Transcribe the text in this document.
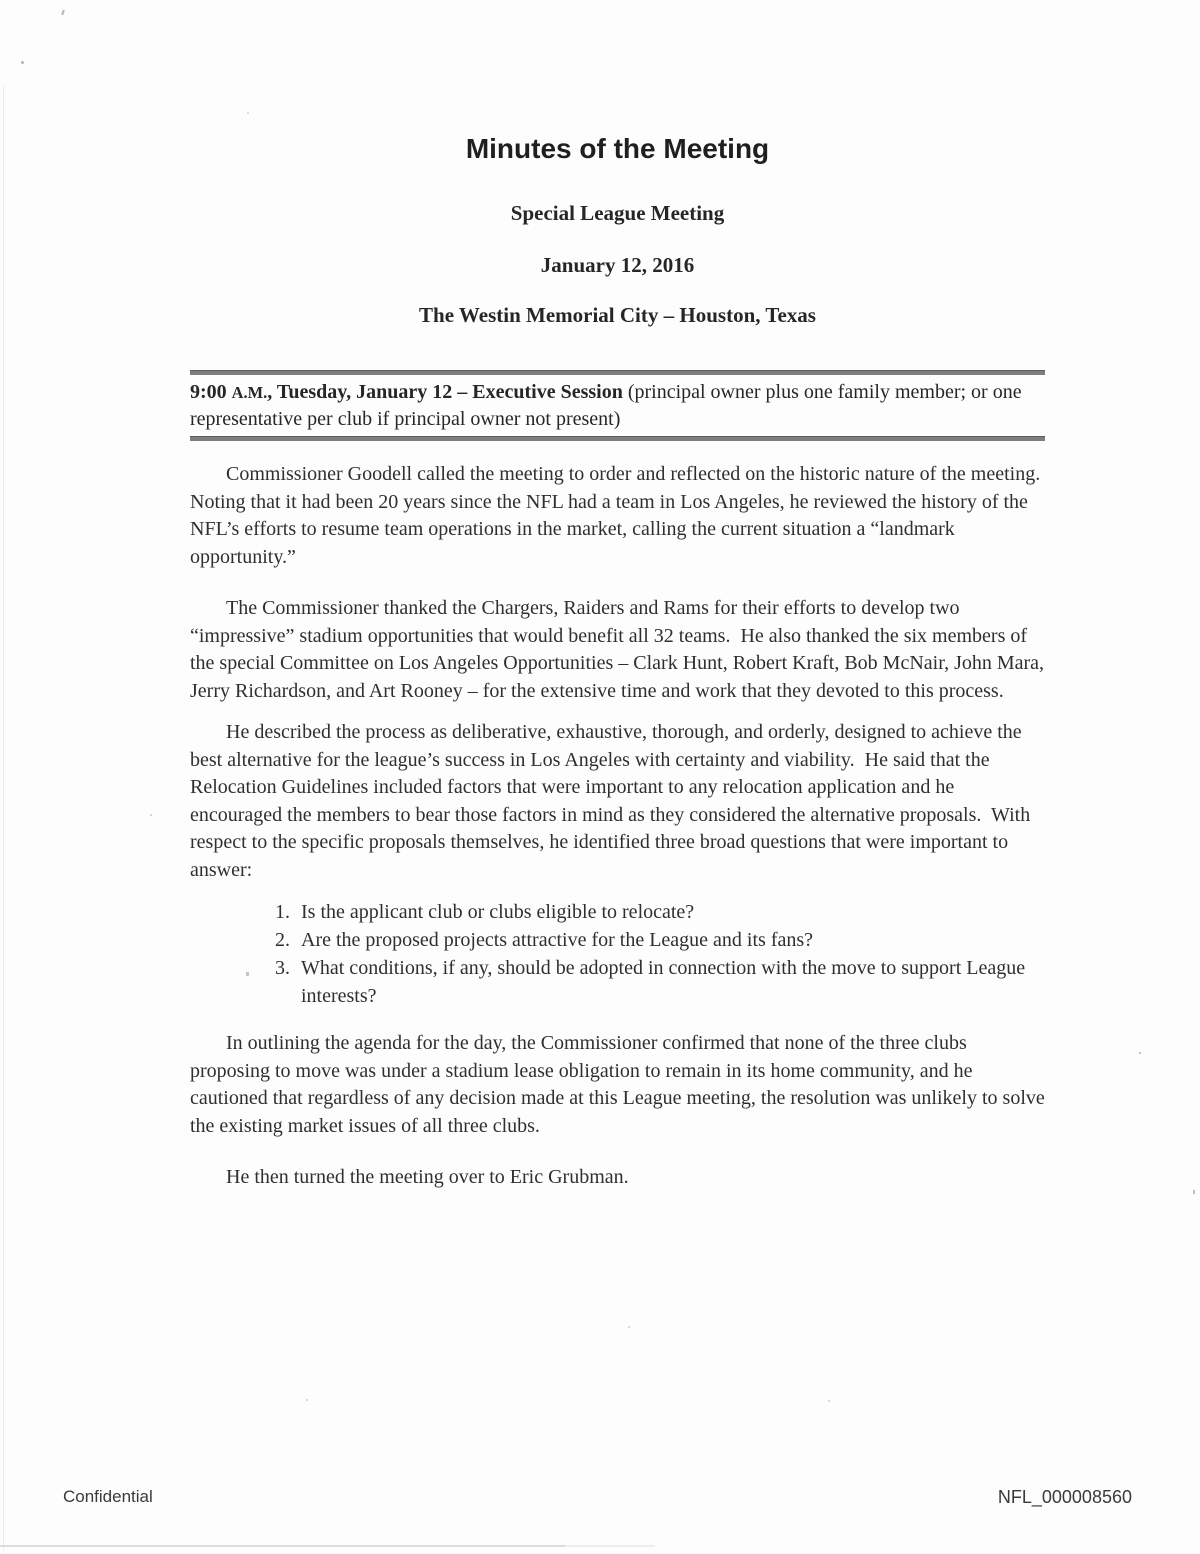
Minutes of the Meeting
Special League Meeting
January 12, 2016
The Westin Memorial City – Houston, Texas
9:00 A.M., Tuesday, January 12 – Executive Session (principal owner plus one family member; or one representative per club if principal owner not present)

Commissioner Goodell called the meeting to order and reflected on the historic nature of the meeting.  Noting that it had been 20 years since the NFL had a team in Los Angeles, he reviewed the history of the NFL’s efforts to resume team operations in the market, calling the current situation a “landmark opportunity.”

The Commissioner thanked the Chargers, Raiders and Rams for their efforts to develop two “impressive” stadium opportunities that would benefit all 32 teams.  He also thanked the six members of the special Committee on Los Angeles Opportunities – Clark Hunt, Robert Kraft, Bob McNair, John Mara, Jerry Richardson, and Art Rooney – for the extensive time and work that they devoted to this process.

He described the process as deliberative, exhaustive, thorough, and orderly, designed to achieve the best alternative for the league’s success in Los Angeles with certainty and viability.  He said that the Relocation Guidelines included factors that were important to any relocation application and he encouraged the members to bear those factors in mind as they considered the alternative proposals.  With respect to the specific proposals themselves, he identified three broad questions that were important to answer:

1. Is the applicant club or clubs eligible to relocate?
2. Are the proposed projects attractive for the League and its fans?
3. What conditions, if any, should be adopted in connection with the move to support League interests?

In outlining the agenda for the day, the Commissioner confirmed that none of the three clubs proposing to move was under a stadium lease obligation to remain in its home community, and he cautioned that regardless of any decision made at this League meeting, the resolution was unlikely to solve the existing market issues of all three clubs.

He then turned the meeting over to Eric Grubman.

Confidential	NFL_000008560
